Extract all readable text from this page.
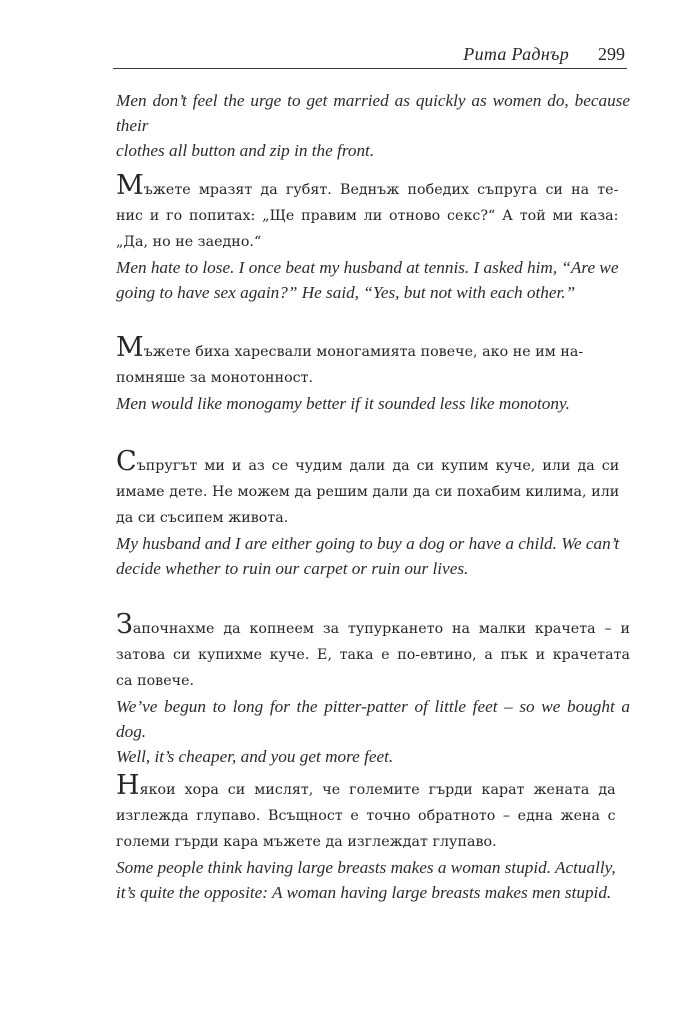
Рита Раднър 299

Men don’t feel the urge to get married as quickly as women do, because their
clothes all button and zip in the front.

Мъжете мразят да губят. Веднъж победих съпруга си на те-
нис и го попитах: „Ще правим ли отново секс?“ А той ми каза:
„Да, но не заедно.“

Men hate to lose. I once beat my husband at tennis. I asked him, “Are we
going to have sex again?” He said, “Yes, but not with each other.”

Мъжете биха харесвали моногамията повече, ако не им на-
помняше за монотонност.

Men would like monogamy better if it sounded less like monotony.

Съпругът ми и аз се чудим дали да си купим куче, или да си
имаме дете. Не можем да решим дали да си похабим килима, или
да си съсипем живота.

My husband and I are either going to buy a dog or have a child. We can’t
decide whether to ruin our carpet or ruin our lives.

Започнахме да копнеем за тупуркането на малки крачета – и
затова си купихме куче. Е, така е по-евтино, а пък и крачетата
са повече.

We’ve begun to long for the pitter-patter of little feet – so we bought a dog.
Well, it’s cheaper, and you get more feet.

Някои хора си мислят, че големите гърди карат жената да
изглежда глупаво. Всъщност е точно обратното – една жена с
големи гърди кара мъжете да изглеждат глупаво.

Some people think having large breasts makes a woman stupid. Actually,
it’s quite the opposite: A woman having large breasts makes men stupid.
